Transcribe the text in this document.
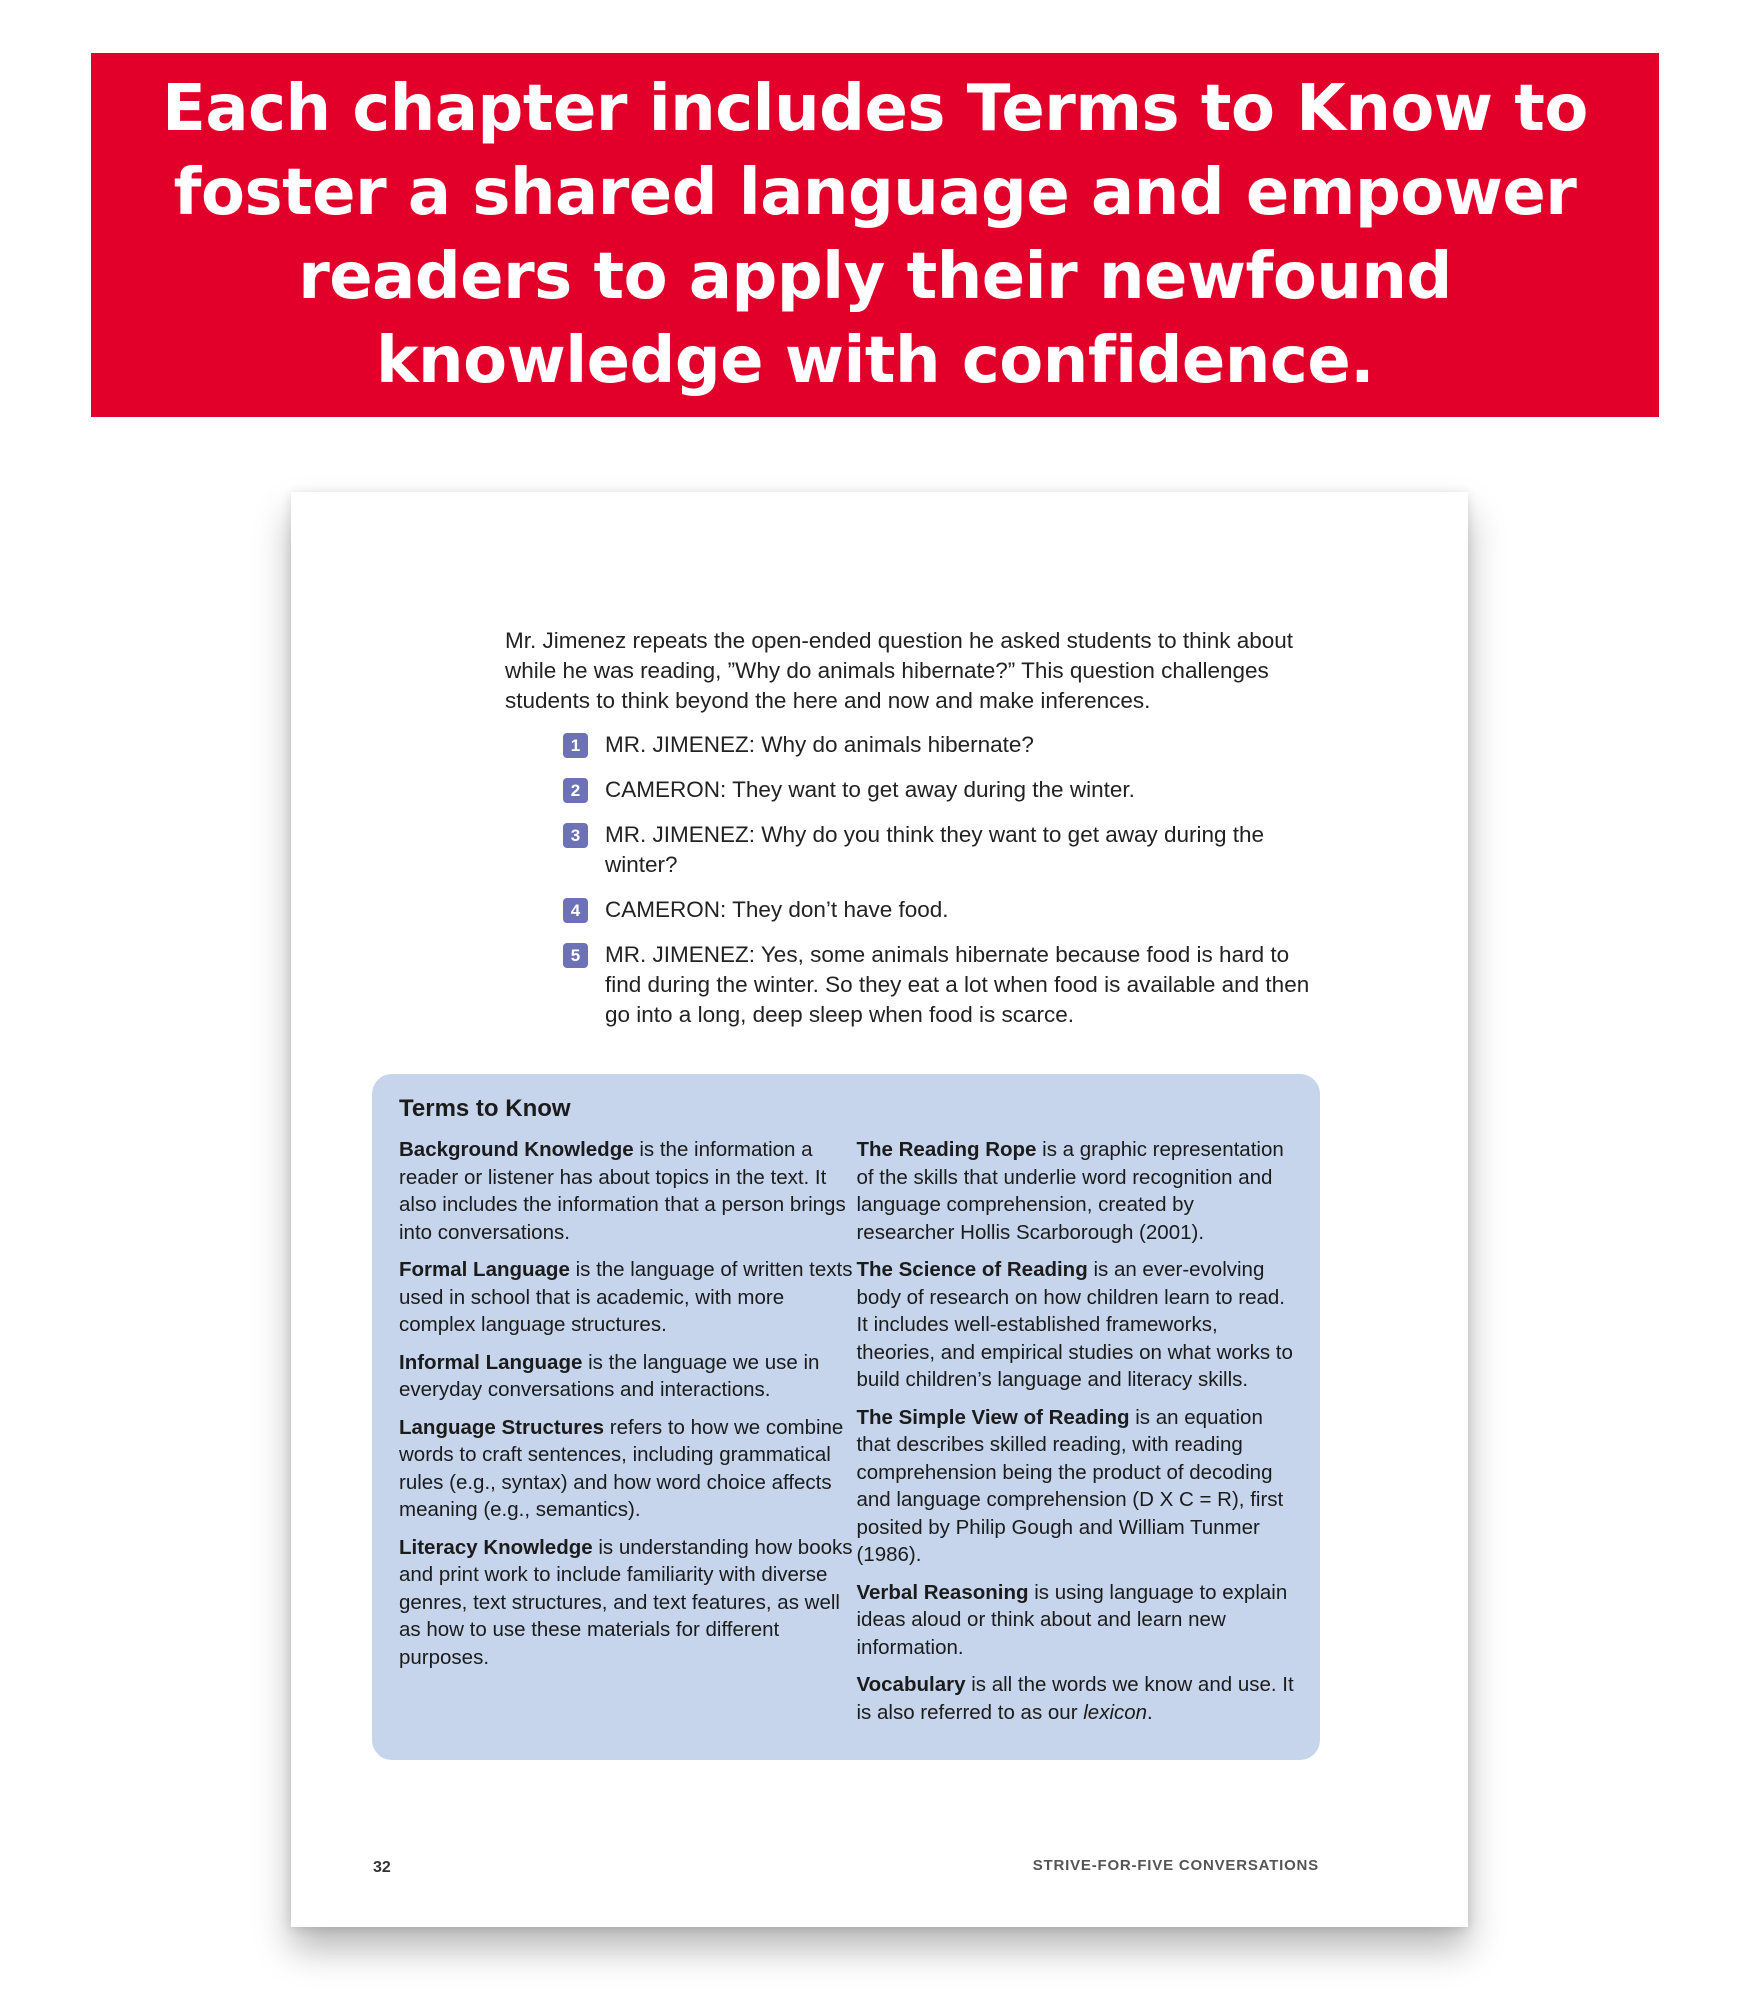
Each chapter includes Terms to Know to foster a shared language and empower readers to apply their newfound knowledge with confidence.

Mr. Jimenez repeats the open-ended question he asked students to think about while he was reading, ”Why do animals hibernate?” This question challenges students to think beyond the here and now and make inferences.

1	MR. JIMENEZ: Why do animals hibernate?
2	CAMERON: They want to get away during the winter.
3	MR. JIMENEZ: Why do you think they want to get away during the winter?
4	CAMERON: They don’t have food.
5	MR. JIMENEZ: Yes, some animals hibernate because food is hard to find during the winter. So they eat a lot when food is available and then go into a long, deep sleep when food is scarce.
Terms to Know

Background Knowledge is the information a reader or listener has about topics in the text. It also includes the information that a person brings into conversations.

Formal Language is the language of written texts used in school that is academic, with more complex language structures.

Informal Language is the language we use in everyday conversations and interactions.

Language Structures refers to how we combine words to craft sentences, including grammatical rules (e.g., syntax) and how word choice affects meaning (e.g., semantics).

Literacy Knowledge is understanding how books and print work to include familiarity with diverse genres, text structures, and text features, as well as how to use these materials for different purposes.

The Reading Rope is a graphic representation of the skills that underlie word recognition and language comprehension, created by researcher Hollis Scarborough (2001).

The Science of Reading is an ever-evolving body of research on how children learn to read. It includes well-established frameworks, theories, and empirical studies on what works to build children’s language and literacy skills.

The Simple View of Reading is an equation that describes skilled reading, with reading comprehension being the product of decoding and language comprehension (D X C = R), first posited by Philip Gough and William Tunmer (1986).

Verbal Reasoning is using language to explain ideas aloud or think about and learn new information.

Vocabulary is all the words we know and use. It is also referred to as our lexicon.

32	STRIVE-FOR-FIVE CONVERSATIONS
